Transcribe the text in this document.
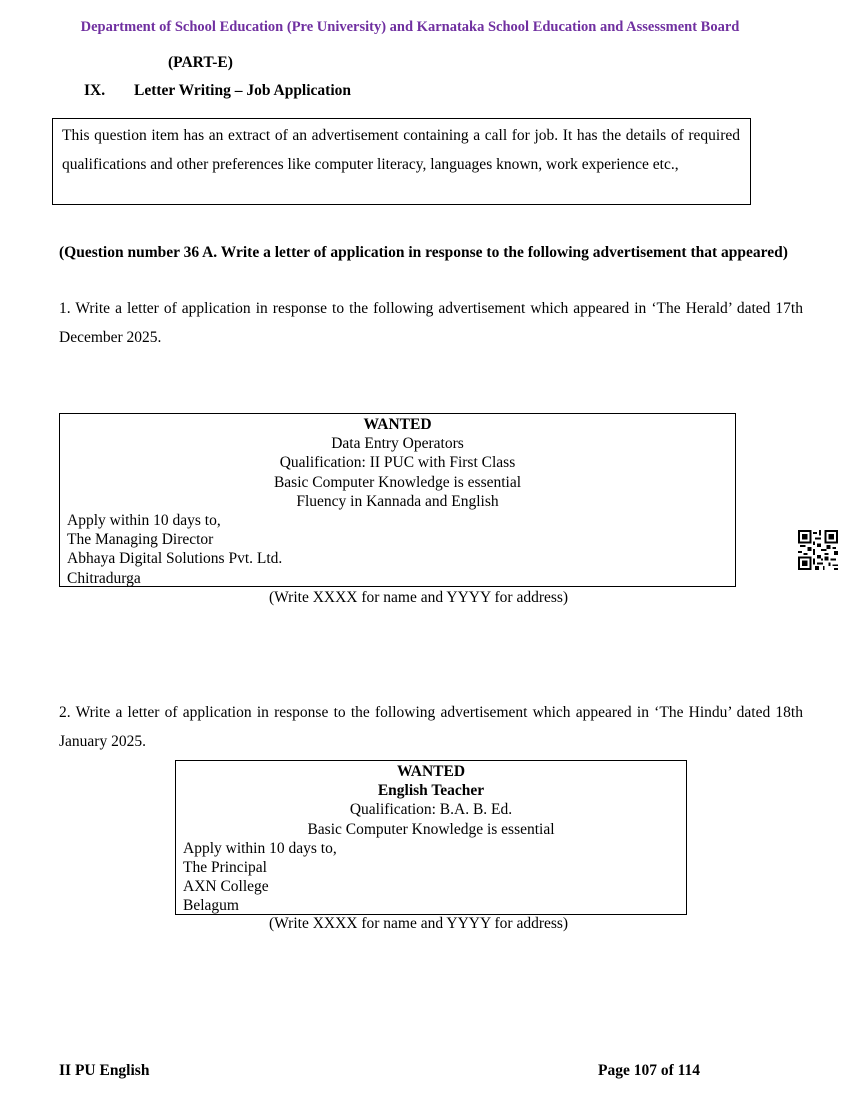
Department of School Education (Pre University) and Karnataka School Education and Assessment Board
(PART-E)
IX. Letter Writing – Job Application
This question item has an extract of an advertisement containing a call for job. It has the details of required qualifications and other preferences like computer literacy, languages known, work experience etc.,
(Question number 36 A. Write a letter of application in response to the following advertisement that appeared)
1. Write a letter of application in response to the following advertisement which appeared in ‘The Herald’ dated 17th December 2025.
WANTED
Data Entry Operators
Qualification: II PUC with First Class
Basic Computer Knowledge is essential
Fluency in Kannada and English
Apply within 10 days to,
The Managing Director
Abhaya Digital Solutions Pvt. Ltd.
Chitradurga
(Write XXXX for name and YYYY for address)
2. Write a letter of application in response to the following advertisement which appeared in ‘The Hindu’ dated 18th January 2025.
WANTED
English Teacher
Qualification: B.A. B. Ed.
Basic Computer Knowledge is essential
Apply within 10 days to,
The Principal
AXN College
Belagum
(Write XXXX for name and YYYY for address)
II PU English	Page 107 of 114
